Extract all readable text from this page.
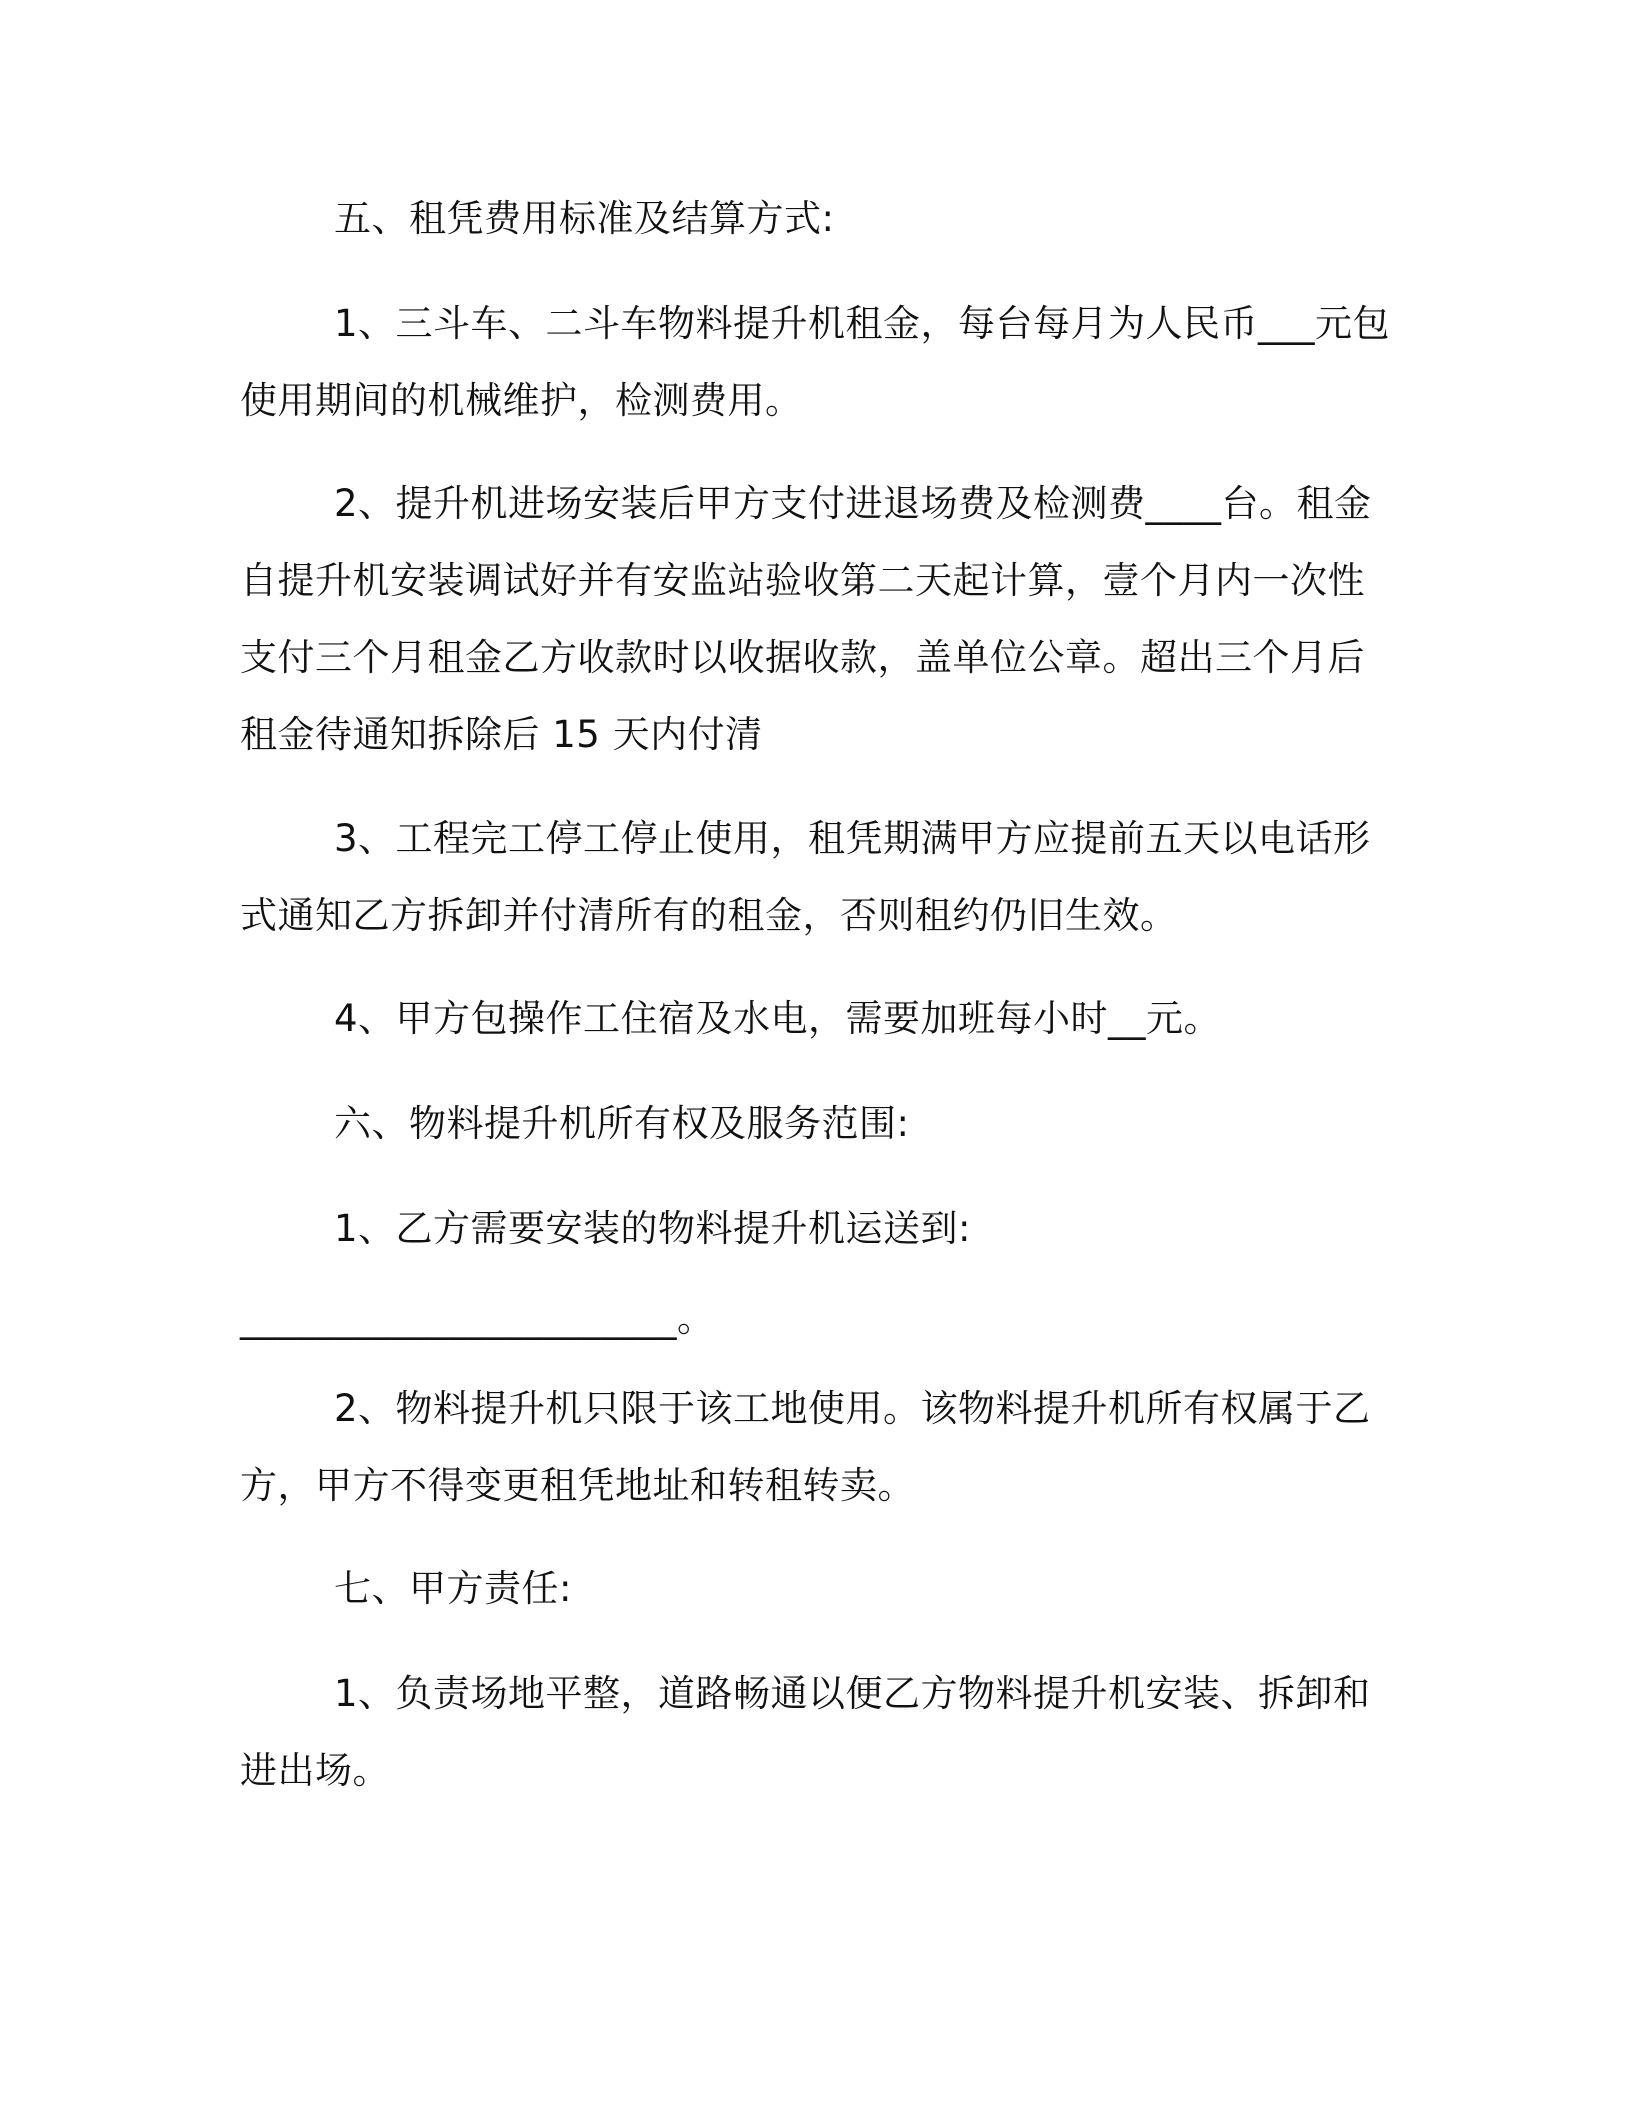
五、租凭费用标准及结算方式:

1、三斗车、二斗车物料提升机租金，每台每月为人民币___元包使用期间的机械维护，检测费用。

2、提升机进场安装后甲方支付进退场费及检测费____台。租金自提升机安装调试好并有安监站验收第二天起计算，壹个月内一次性支付三个月租金乙方收款时以收据收款，盖单位公章。超出三个月后租金待通知拆除后 15 天内付清

3、工程完工停工停止使用，租凭期满甲方应提前五天以电话形式通知乙方拆卸并付清所有的租金，否则租约仍旧生效。

4、甲方包操作工住宿及水电，需要加班每小时__元。

六、物料提升机所有权及服务范围:

1、乙方需要安装的物料提升机运送到:

_______________________。

2、物料提升机只限于该工地使用。该物料提升机所有权属于乙方，甲方不得变更租凭地址和转租转卖。

七、甲方责任:

1、负责场地平整，道路畅通以便乙方物料提升机安装、拆卸和进出场。
